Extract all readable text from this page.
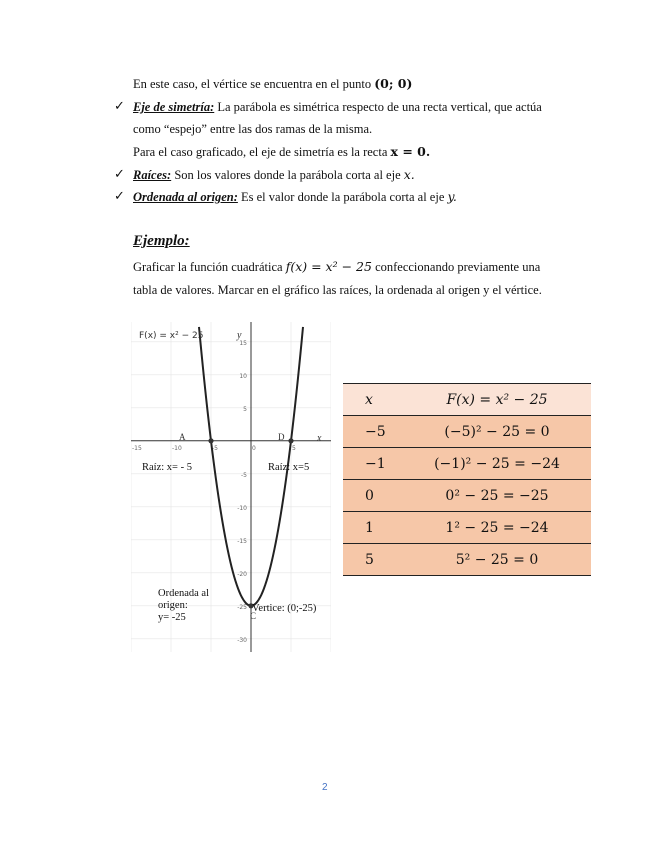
En este caso, el vértice se encuentra en el punto (0; 0)
✓ Eje de simetría: La parábola es simétrica respecto de una recta vertical, que actúa
como “espejo” entre las dos ramas de la misma.
Para el caso graficado, el eje de simetría es la recta x = 0.
✓ Raíces: Son los valores donde la parábola corta al eje x.
✓ Ordenada al origen: Es el valor donde la parábola corta al eje y.
Ejemplo:
Graficar la función cuadrática f(x) = x² − 25 confeccionando previamente una
tabla de valores. Marcar en el gráfico las raíces, la ordenada al origen y el vértice.
15
10
5
-5
-10
-15
-20
-25
-30
-15	-10	-5	0	5
F(x) = x² − 25	y
x
A	D
C
Raíz: x= - 5	Raíz: x=5
Ordenada al
origen:
y= -25
Vertice: (0;-25)
x	F(x) = x² − 25
−5	(−5)² − 25 = 0
−1	(−1)² − 25 = −24
0	0² − 25 = −25
1	1² − 25 = −24
5	5² − 25 = 0
2
